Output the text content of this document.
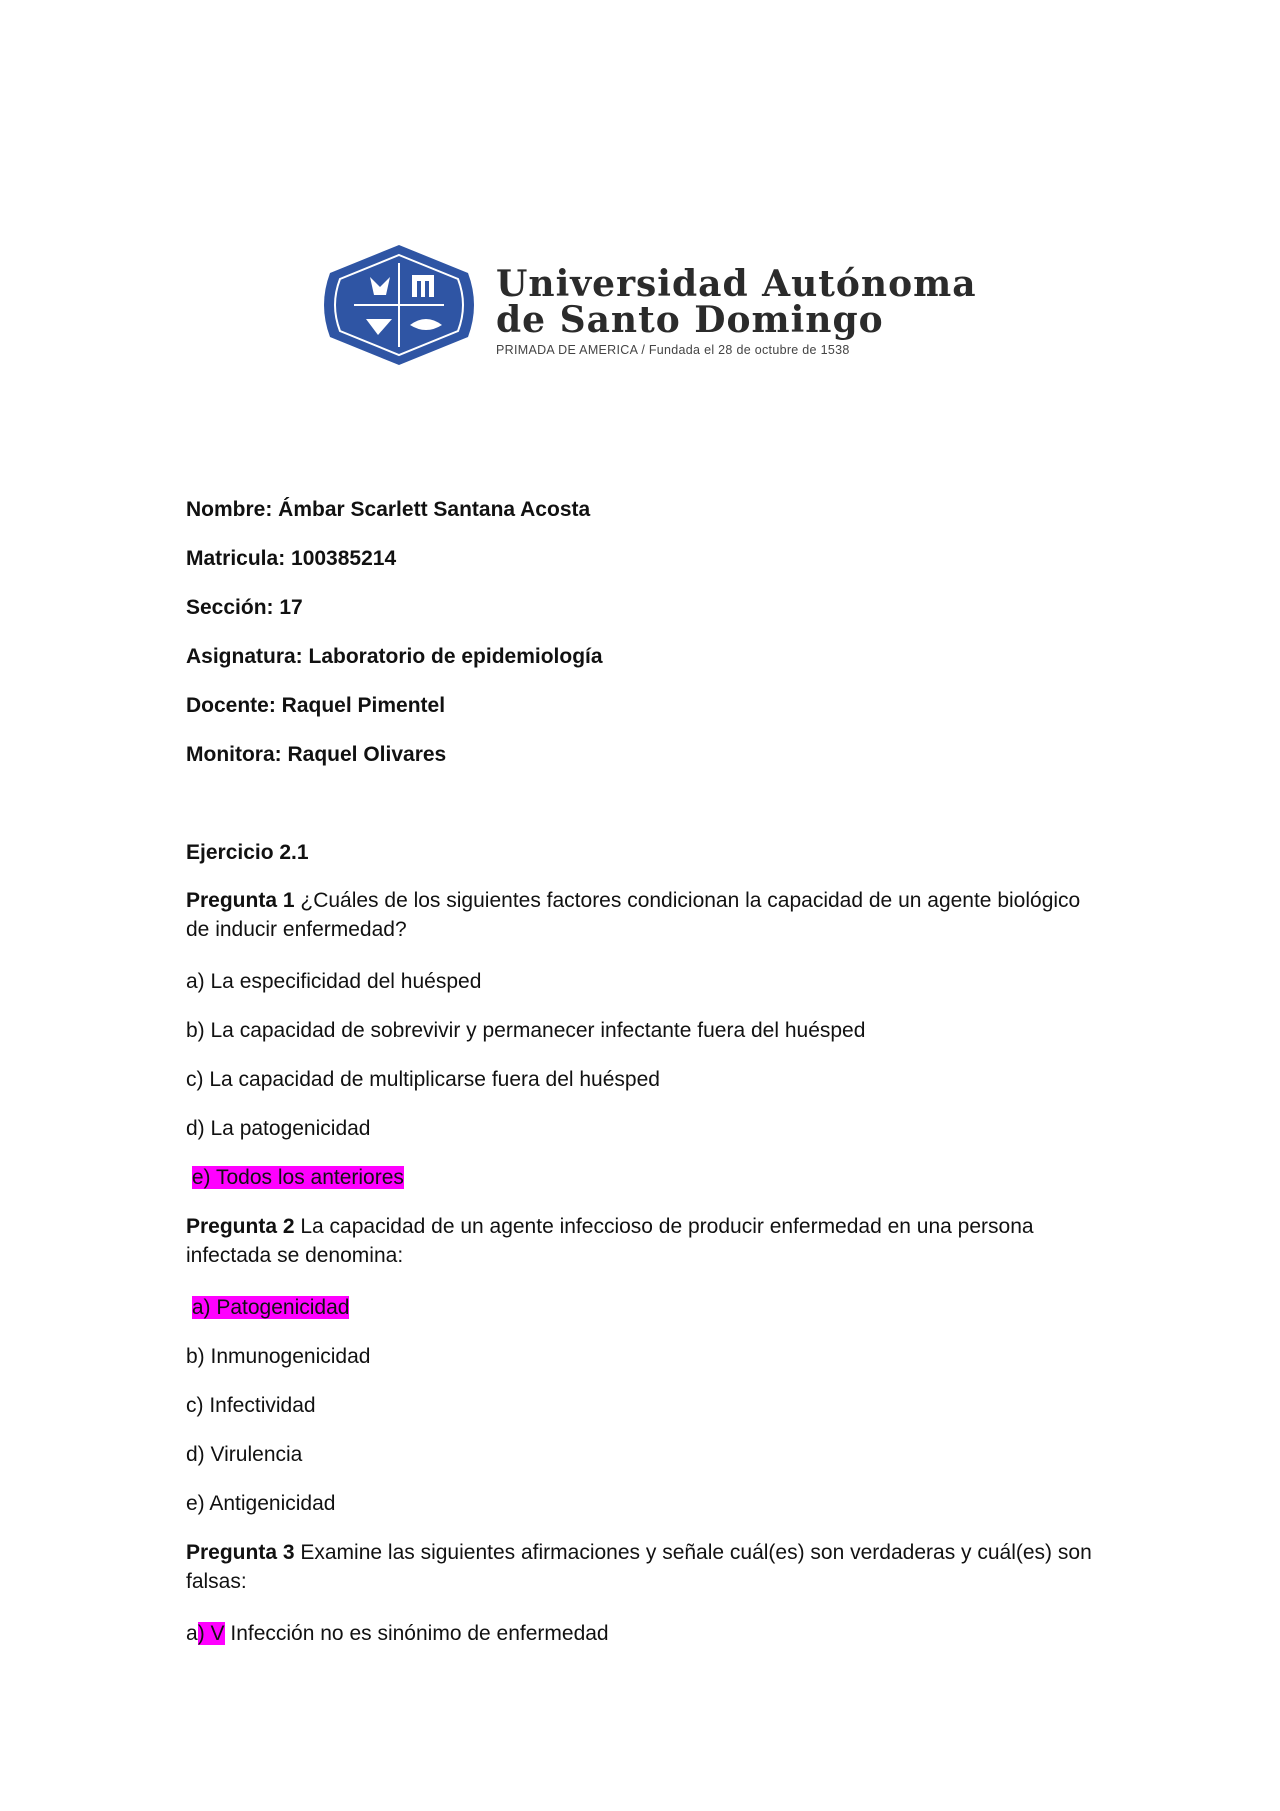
Universidad Autónoma
de Santo Domingo
PRIMADA DE AMERICA / Fundada el 28 de octubre de 1538
Nombre: Ámbar Scarlett Santana Acosta
Matricula: 100385214
Sección: 17
Asignatura: Laboratorio de epidemiología
Docente: Raquel Pimentel
Monitora: Raquel Olivares
Ejercicio 2.1
Pregunta 1 ¿Cuáles de los siguientes factores condicionan la capacidad de un agente biológico de inducir enfermedad?
a) La especificidad del huésped
b) La capacidad de sobrevivir y permanecer infectante fuera del huésped
c) La capacidad de multiplicarse fuera del huésped
d) La patogenicidad
e) Todos los anteriores
Pregunta 2 La capacidad de un agente infeccioso de producir enfermedad en una persona infectada se denomina:
a) Patogenicidad
b) Inmunogenicidad
c) Infectividad
d) Virulencia
e) Antigenicidad
Pregunta 3 Examine las siguientes afirmaciones y señale cuál(es) son verdaderas y cuál(es) son falsas:
a) V Infección no es sinónimo de enfermedad
